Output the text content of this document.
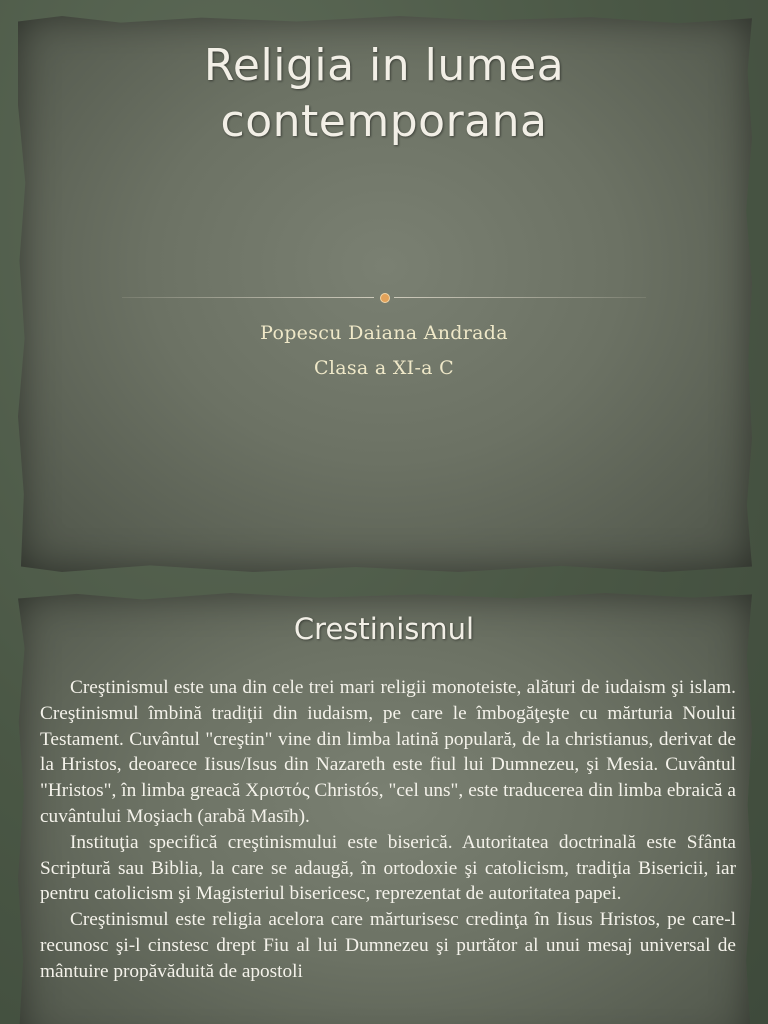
Religia in lumea
contemporana
Popescu Daiana Andrada
Clasa a XI-a C
Crestinismul

Creştinismul este una din cele trei mari religii monoteiste, alături de iudaism şi islam. Creştinismul îmbină tradiţii din iudaism, pe care le îmbogăţeşte cu mărturia Noului Testament. Cuvântul "creştin" vine din limba latină populară, de la christianus, derivat de la Hristos, deoarece Iisus/Isus din Nazareth este fiul lui Dumnezeu, şi Mesia. Cuvântul "Hristos", în limba greacă Χριστός Christós, "cel uns", este traducerea din limba ebraică a cuvântului Moşiach (arabă Masīh).

Instituţia specifică creştinismului este biserică. Autoritatea doctrinală este Sfânta Scriptură sau Biblia, la care se adaugă, în ortodoxie şi catolicism, tradiţia Bisericii, iar pentru catolicism şi Magisteriul bisericesc, reprezentat de autoritatea papei.

Creştinismul este religia acelora care mărturisesc credinţa în Iisus Hristos, pe care-l recunosc şi-l cinstesc drept Fiu al lui Dumnezeu şi purtător al unui mesaj universal de mântuire propăvăduită de apostoli
